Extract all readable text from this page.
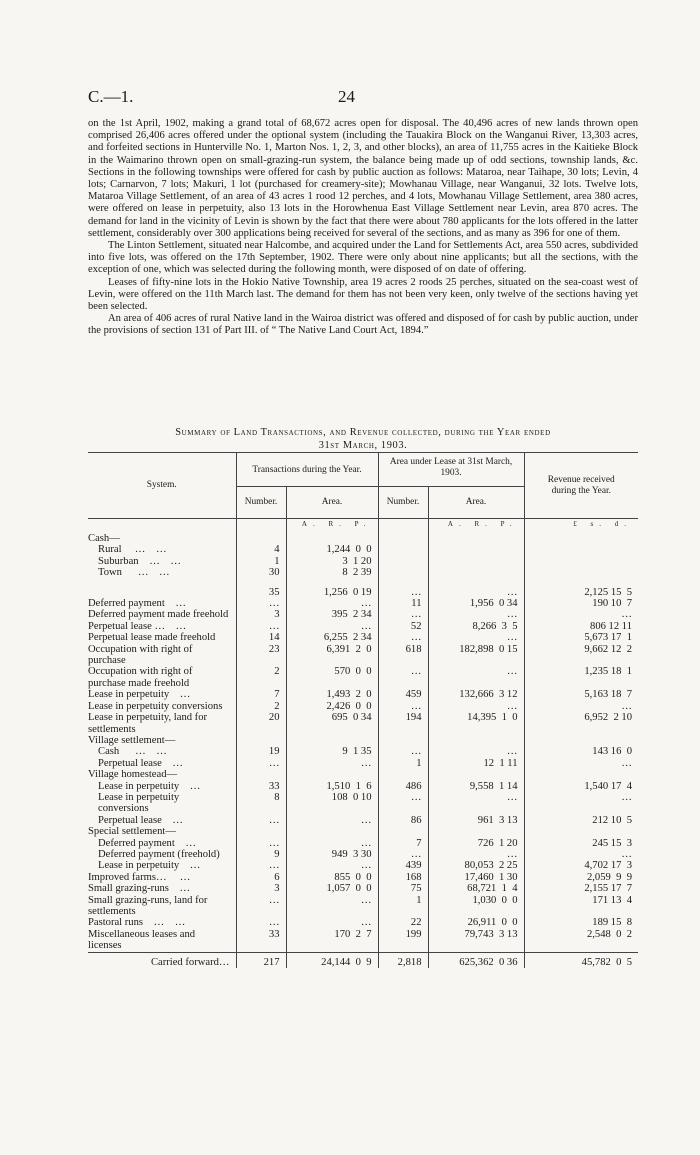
C.—1.	24

on the 1st April, 1902, making a grand total of 68,672 acres open for disposal. The 40,496 acres of new lands thrown open comprised 26,406 acres offered under the optional system (including the Tauakira Block on the Wanganui River, 13,303 acres, and forfeited sections in Hunterville No. 1, Marton Nos. 1, 2, 3, and other blocks), an area of 11,755 acres in the Kaitieke Block in the Waimarino thrown open on small-grazing-run system, the balance being made up of odd sections, township lands, &c. Sections in the following townships were offered for cash by public auction as follows: Mataroa, near Taihape, 30 lots; Levin, 4 lots; Carnarvon, 7 lots; Makuri, 1 lot (purchased for creamery-site); Mowhanau Village, near Wanganui, 32 lots. Twelve lots, Mataroa Village Settlement, of an area of 43 acres 1 rood 12 perches, and 4 lots, Mowhanau Village Settlement, area 380 acres, were offered on lease in perpetuity, also 13 lots in the Horowhenua East Village Settlement near Levin, area 870 acres. The demand for land in the vicinity of Levin is shown by the fact that there were about 780 applicants for the lots offered in the latter settlement, considerably over 300 applications being received for several of the sections, and as many as 396 for one of them.

The Linton Settlement, situated near Halcombe, and acquired under the Land for Settlements Act, area 550 acres, subdivided into five lots, was offered on the 17th September, 1902. There were only about nine applicants; but all the sections, with the exception of one, which was selected during the following month, were disposed of on date of offering.

Leases of fifty-nine lots in the Hokio Native Township, area 19 acres 2 roods 25 perches, situated on the sea-coast west of Levin, were offered on the 11th March last. The demand for them has not been very keen, only twelve of the sections having yet been selected.

An area of 406 acres of rural Native land in the Wairoa district was offered and disposed of for cash by public auction, under the provisions of section 131 of Part III. of “ The Native Land Court Act, 1894.”

Summary of Land Transactions, and Revenue collected, during the Year ended
31st March, 1903.
System.	Transactions during the Year.		Area under Lease at 31st March, 1903.		Revenue received during the Year.
	Number.	Area.	Number.	Area.	
		A. R. P.		A. R. P.	£ s. d.
Cash—					
Rural     …    …	4	1,244  0  0			
Suburban    …    …	1	3  1 20			
Town      …    …	30	8  2 39			

	35	1,256  0 19	…	…	2,125 15  5
Deferred payment    …	…	…	11	1,956  0 34	190 10  7
Deferred payment made freehold	3	395  2 34	…	…	…
Perpetual lease …    …	…	…	52	8,266  3  5	806 12 11
Perpetual lease made freehold	14	6,255  2 34	…	…	5,673 17  1
Occupation with right of purchase	23	6,391  2  0	618	182,898  0 15	9,662 12  2
Occupation with right of purchase made freehold	2	570  0  0	…	…	1,235 18  1
Lease in perpetuity    …	7	1,493  2  0	459	132,666  3 12	5,163 18  7
Lease in perpetuity conversions	2	2,426  0  0	…	…	…
Lease in perpetuity, land for settlements	20	695  0 34	194	14,395  1  0	6,952  2 10
Village settlement—					
Cash      …    …	19	9  1 35	…	…	143 16  0
Perpetual lease    …	…	…	1	12  1 11	…
Village homestead—					
Lease in perpetuity    …	33	1,510  1  6	486	9,558  1 14	1,540 17  4
Lease in perpetuity conversions	8	108  0 10	…	…	…
Perpetual lease    …	…	…	86	961  3 13	212 10  5
Special settlement—					
Deferred payment    …	…	…	7	726  1 20	245 15  3
Deferred payment (freehold)	9	949  3 30	…	…	…
Lease in perpetuity    …	…	…	439	80,053  2 25	4,702 17  3
Improved farms…     …	6	855  0  0	168	17,460  1 30	2,059  9  9
Small grazing-runs    …	3	1,057  0  0	75	68,721  1  4	2,155 17  7
Small grazing-runs, land for settlements	…	…	1	1,030  0  0	171 13  4
Pastoral runs    …    …	…	…	22	26,911  0  0	189 15  8
Miscellaneous leases and licenses	33	170  2  7	199	79,743  3 13	2,548  0  2
Carried forward…	217	24,144  0  9	2,818	625,362  0 36	45,782  0  5
